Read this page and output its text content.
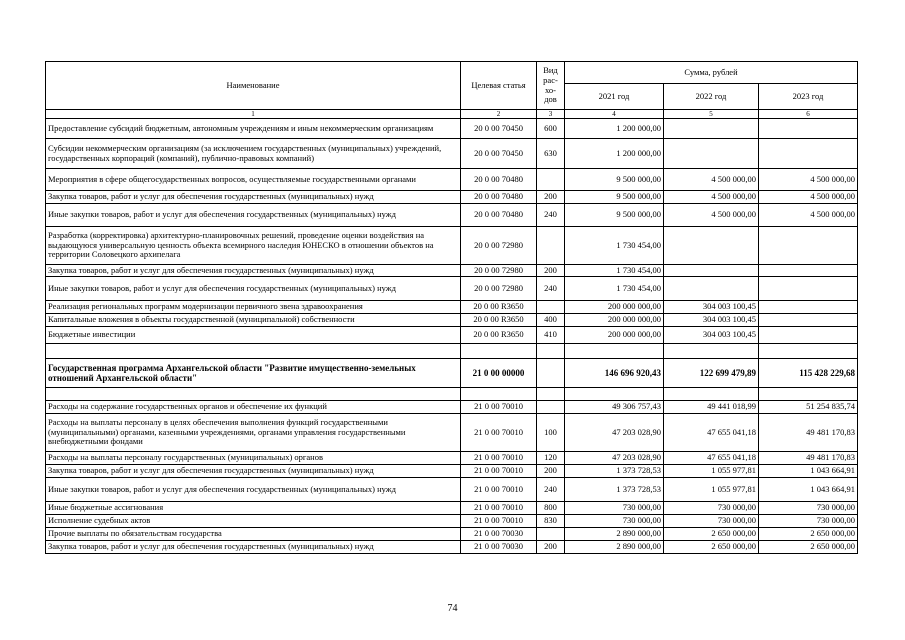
Наименование	Целевая статья	Вид рас-хо-дов	Сумма, рублей		
			2021 год	2022 год	2023 год
1	2	3	4	5	6
Предоставление субсидий бюджетным, автономным учреждениям и иным некоммерческим организациям	20 0 00 70450	600	1 200 000,00		
Субсидии некоммерческим организациям (за исключением государственных (муниципальных) учреждений, государственных корпораций (компаний), публично-правовых компаний)	20 0 00 70450	630	1 200 000,00		
Мероприятия в сфере общегосударственных вопросов, осуществляемые государственными органами	20 0 00 70480		9 500 000,00	4 500 000,00	4 500 000,00
Закупка товаров, работ и услуг для обеспечения государственных (муниципальных) нужд	20 0 00 70480	200	9 500 000,00	4 500 000,00	4 500 000,00
Иные закупки товаров, работ и услуг для обеспечения государственных (муниципальных) нужд	20 0 00 70480	240	9 500 000,00	4 500 000,00	4 500 000,00
Разработка (корректировка) архитектурно-планировочных решений, проведение оценки воздействия на выдающуюся универсальную ценность объекта всемирного наследия ЮНЕСКО в отношении объектов на территории Соловецкого архипелага	20 0 00 72980		1 730 454,00		
Закупка товаров, работ и услуг для обеспечения государственных (муниципальных) нужд	20 0 00 72980	200	1 730 454,00		
Иные закупки товаров, работ и услуг для обеспечения государственных (муниципальных) нужд	20 0 00 72980	240	1 730 454,00		
Реализация региональных программ модернизации первичного звена здравоохранения	20 0 00 R3650		200 000 000,00	304 003 100,45	
Капитальные вложения в объекты государственной (муниципальной) собственности	20 0 00 R3650	400	200 000 000,00	304 003 100,45	
Бюджетные инвестиции	20 0 00 R3650	410	200 000 000,00	304 003 100,45	

Государственная программа Архангельской области "Развитие имущественно-земельных отношений Архангельской области"	21 0 00 00000		146 696 920,43	122 699 479,89	115 428 229,68

Расходы на содержание государственных органов и обеспечение их функций	21 0 00 70010		49 306 757,43	49 441 018,99	51 254 835,74
Расходы на выплаты персоналу в целях обеспечения выполнения функций государственными (муниципальными) органами, казенными учреждениями, органами управления государственными внебюджетными фондами	21 0 00 70010	100	47 203 028,90	47 655 041,18	49 481 170,83
Расходы на выплаты персоналу государственных (муниципальных) органов	21 0 00 70010	120	47 203 028,90	47 655 041,18	49 481 170,83
Закупка товаров, работ и услуг для обеспечения государственных (муниципальных) нужд	21 0 00 70010	200	1 373 728,53	1 055 977,81	1 043 664,91
Иные закупки товаров, работ и услуг для обеспечения государственных (муниципальных) нужд	21 0 00 70010	240	1 373 728,53	1 055 977,81	1 043 664,91
Иные бюджетные ассигнования	21 0 00 70010	800	730 000,00	730 000,00	730 000,00
Исполнение судебных актов	21 0 00 70010	830	730 000,00	730 000,00	730 000,00
Прочие выплаты по обязательствам государства	21 0 00 70030		2 890 000,00	2 650 000,00	2 650 000,00
Закупка товаров, работ и услуг для обеспечения государственных (муниципальных) нужд	21 0 00 70030	200	2 890 000,00	2 650 000,00	2 650 000,00
74
